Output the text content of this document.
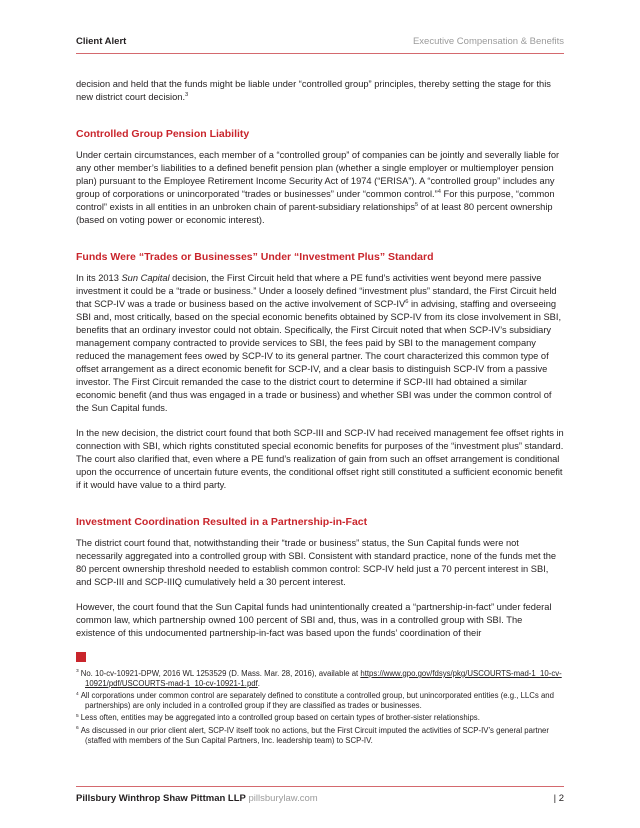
Client Alert	Executive Compensation & Benefits

decision and held that the funds might be liable under “controlled group” principles, thereby setting the stage for this new district court decision.$^3$

Controlled Group Pension Liability

Under certain circumstances, each member of a “controlled group” of companies can be jointly and severally liable for any other member’s liabilities to a defined benefit pension plan (whether a single employer or multiemployer pension plan) pursuant to the Employee Retirement Income Security Act of 1974 (“ERISA”). A “controlled group” includes any group of corporations or unincorporated “trades or businesses” under “common control.”$^4$ For this purpose, “common control” exists in all entities in an unbroken chain of parent-subsidiary relationships$^5$ of at least 80 percent ownership (based on voting power or economic interest).

Funds Were “Trades or Businesses” Under “Investment Plus” Standard

In its 2013 Sun Capital decision, the First Circuit held that where a PE fund’s activities went beyond mere passive investment it could be a “trade or business.” Under a loosely defined “investment plus” standard, the First Circuit held that SCP-IV was a trade or business based on the active involvement of SCP-$IV^6$ in advising, staffing and overseeing SBI and, most critically, based on the special economic benefits obtained by SCP-IV from its close involvement in SBI, benefits that an ordinary investor could not obtain. Specifically, the First Circuit noted that when SCP-IV’s subsidiary management company contracted to provide services to SBI, the fees paid by SBI to the management company reduced the management fees owed by SCP-IV to its general partner. The court characterized this common type of offset arrangement as a direct economic benefit for SCP-IV, and a clear basis to distinguish SCP-IV from a passive investor. The First Circuit remanded the case to the district court to determine if SCP-III had obtained a similar economic benefit (and thus was engaged in a trade or business) and whether SBI was under the common control of the Sun Capital funds.

In the new decision, the district court found that both SCP-III and SCP-IV had received management fee offset rights in connection with SBI, which rights constituted special economic benefits for purposes of the “investment plus” standard. The court also clarified that, even where a PE fund’s realization of gain from such an offset arrangement is conditional upon the occurrence of uncertain future events, the conditional offset right still constituted a sufficient economic benefit if it would have value to a third party.

Investment Coordination Resulted in a Partnership-in-Fact

The district court found that, notwithstanding their “trade or business” status, the Sun Capital funds were not necessarily aggregated into a controlled group with SBI. Consistent with standard practice, none of the funds met the 80 percent ownership threshold needed to establish common control: SCP-IV held just a 70 percent interest in SBI, and SCP-III and SCP-IIIQ cumulatively held a 30 percent interest.

However, the court found that the Sun Capital funds had unintentionally created a “partnership-in-fact” under federal common law, which partnership owned 100 percent of SBI and, thus, was in a controlled group with SBI. The existence of this undocumented partnership-in-fact was based upon the funds’ coordination of their

$^3$ No. 10-cv-10921-DPW, 2016 WL 1253529 (D. Mass. Mar. 28, 2016), available at https://www.gpo.gov/fdsys/pkg/USCOURTS-mad-1_10-cv-10921/pdf/USCOURTS-mad-1_10-cv-10921-1.pdf.
$^4$ All corporations under common control are separately defined to constitute a controlled group, but unincorporated entities (e.g., LLCs and partnerships) are only included in a controlled group if they are classified as trades or businesses.
$^5$ Less often, entities may be aggregated into a controlled group based on certain types of brother-sister relationships.
$^6$ As discussed in our prior client alert, SCP-IV itself took no actions, but the First Circuit imputed the activities of SCP-IV’s general partner (staffed with members of the Sun Capital Partners, Inc. leadership team) to SCP-IV.
Pillsbury Winthrop Shaw Pittman LLP pillsburylaw.com	| 2
